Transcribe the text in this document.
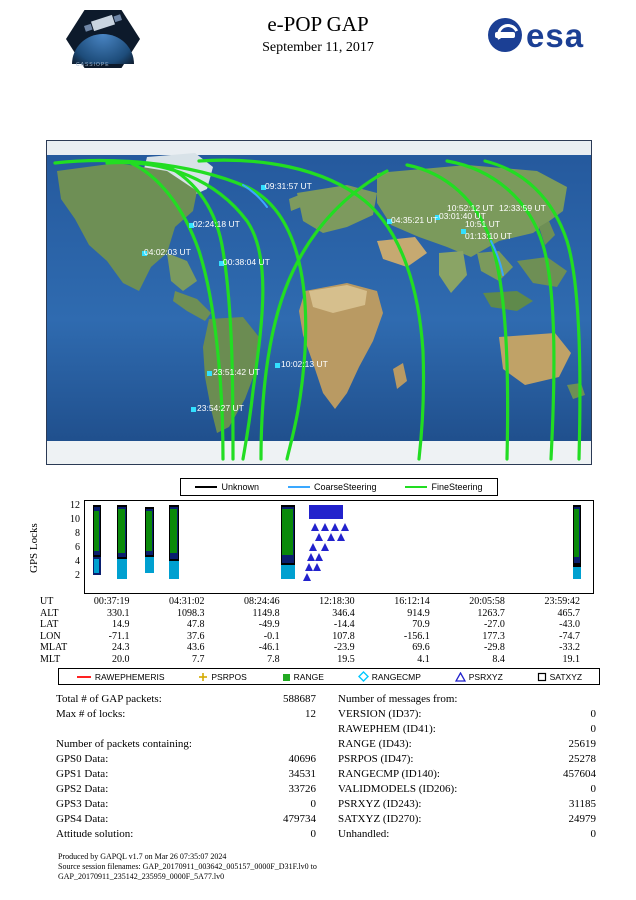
CASSIOPE
e-POP GAP
September 11, 2017	esa
09:31:57 UT
02:24:18 UT
04:02:03 UT
00:38:04 UT
04:35:21 UT 03:01:40 UT
10:52:12 UT 12:33:59 UT
10:51 UT
01:13:10 UT
10:02:13 UT
23:51:42 UT
23:54:27 UT
Unknown	CoarseSteering	FineSteering
GPS Locks
12
10
8
6
4
2
UT	00:37:19	04:31:02	08:24:46	12:18:30	16:12:14	20:05:58	23:59:42
ALT	330.1	1098.3	1149.8	346.4	914.9	1263.7	465.7
LAT	14.9	47.8	-49.9	-14.4	70.9	-27.0	-43.0
LON	-71.1	37.6	-0.1	107.8	-156.1	177.3	-74.7
MLAT	24.3	43.6	-46.1	-23.9	69.6	-29.8	-33.2
MLT	20.0	7.7	7.8	19.5	4.1	8.4	19.1
RAWEPHEMERIS	PSRPOS	RANGE	RANGECMP	PSRXYZ	SATXYZ
Total # of GAP packets:	588687
Max # of locks:	12
Number of packets containing:
GPS0 Data:	40696
GPS1 Data:	34531
GPS2 Data:	33726
GPS3 Data:	0
GPS4 Data:	479734
Attitude solution:	0
Number of messages from:
VERSION (ID37):	0
RAWEPHEM (ID41):	0
RANGE (ID43):	25619
PSRPOS (ID47):	25278
RANGECMP (ID140):	457604
VALIDMODELS (ID206):	0
PSRXYZ (ID243):	31185
SATXYZ (ID270):	24979
Unhandled:	0
Produced by GAPQL v1.7 on Mar 26 07:35:07 2024
Source session filenames: GAP_20170911_003642_005157_0000F_D31F.lv0 to
GAP_20170911_235142_235959_0000F_5A77.lv0
